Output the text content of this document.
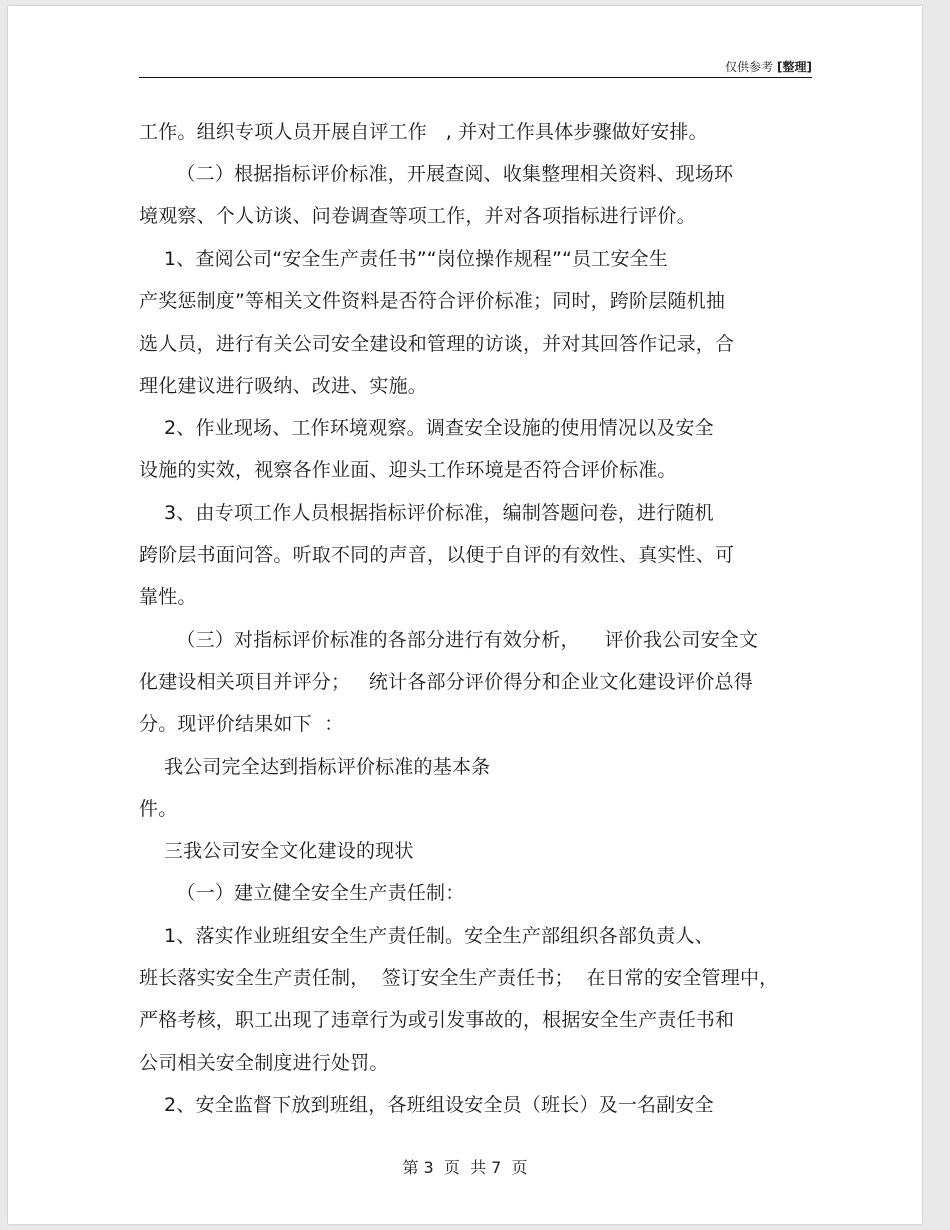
仅供参考 [整理]
工作。组织专项人员开展自评工作   , 并对工作具体步骤做好安排。
（二）根据指标评价标准，开展查阅、收集整理相关资料、现场环
境观察、个人访谈、问卷调查等项工作，并对各项指标进行评价。
1、查阅公司“安全生产责任书”“岗位操作规程”“员工安全生
产奖惩制度”等相关文件资料是否符合评价标准；同时，跨阶层随机抽
选人员，进行有关公司安全建设和管理的访谈，并对其回答作记录，合
理化建议进行吸纳、改进、实施。
2、作业现场、工作环境观察。调查安全设施的使用情况以及安全
设施的实效，视察各作业面、迎头工作环境是否符合评价标准。
3、由专项工作人员根据指标评价标准，编制答题问卷，进行随机
跨阶层书面问答。听取不同的声音，以便于自评的有效性、真实性、可
靠性。
（三）对指标评价标准的各部分进行有效分析，    评价我公司安全文
化建设相关项目并评分；   统计各部分评价得分和企业文化建设评价总得
分。现评价结果如下  ：
我公司完全达到指标评价标准的基本条
件。
三我公司安全文化建设的现状
（一）建立健全安全生产责任制：
1、落实作业班组安全生产责任制。安全生产部组织各部负责人、
班长落实安全生产责任制，  签订安全生产责任书；  在日常的安全管理中，
严格考核，职工出现了违章行为或引发事故的，根据安全生产责任书和
公司相关安全制度进行处罚。
2、安全监督下放到班组，各班组设安全员（班长）及一名副安全
第 3  页  共 7  页
